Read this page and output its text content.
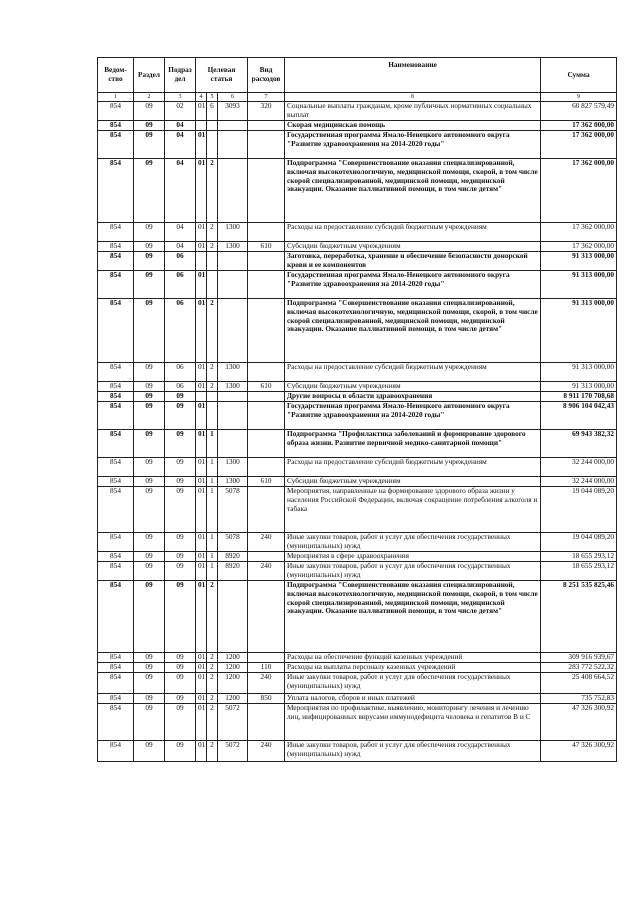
Ведом-ство	Раздел	Подраз дел	Целевая статья			Вид расходов	Наименование	Сумма
1	2	3	4	5	6	7	8	9
854	09	02	01	6	3093	320	Социальные выплаты гражданам, кроме публичных нормативных социальных выплат	60 827 579,49
854	09	04					Скорая медицинская помощь	17 362 000,00
854	09	04	01				Государственная программа Ямало-Ненецкого автономного округа "Развитие здравоохранения на 2014-2020 годы"	17 362 000,00
854	09	04	01	2			Подпрограмма "Совершенствование оказания специализированной, включая высокотехнологичную, медицинской помощи, скорой, в том числе скорой специализированной, медицинской помощи, медицинской эвакуации. Оказание паллиативной помощи, в том числе детям"	17 362 000,00
854	09	04	01	2	1300		Расходы на предоставление субсидий бюджетным учреждениям	17 362 000,00
854	09	04	01	2	1300	610	Субсидии бюджетным учреждениям	17 362 000,00
854	09	06					Заготовка, переработка, хранение и обеспечение безопасности донорской крови и ее компонентов	91 313 000,00
854	09	06	01				Государственная программа Ямало-Ненецкого автономного округа "Развитие здравоохранения на 2014-2020 годы"	91 313 000,00
854	09	06	01	2			Подпрограмма "Совершенствование оказания специализированной, включая высокотехнологичную, медицинской помощи, скорой, в том числе скорой специализированной, медицинской помощи, медицинской эвакуации. Оказание паллиативной помощи, в том числе детям"	91 313 000,00
854	09	06	01	2	1300		Расходы на предоставление субсидий бюджетным учреждениям	91 313 000,00
854	09	06	01	2	1300	610	Субсидии бюджетным учреждениям	91 313 000,00
854	09	09					Другие вопросы в области здравоохранения	8 911 170 708,68
854	09	09	01				Государственная программа Ямало-Ненецкого автономного округа "Развитие здравоохранения на 2014-2020 годы"	8 906 104 042,43
854	09	09	01	1			Подпрограмма "Профилактика заболеваний и формирование здорового образа жизни. Развитие первичной медико-санитарной помощи"	69 943 382,32
854	09	09	01	1	1300		Расходы на предоставление субсидий бюджетным учреждениям	32 244 000,00
854	09	09	01	1	1300	610	Субсидии бюджетным учреждениям	32 244 000,00
854	09	09	01	1	5078		Мероприятия, направленные на формирование здорового образа жизни у населения Российской Федерации, включая сокращение потребления алкоголя и табака	19 044 089,20
854	09	09	01	1	5078	240	Иные закупки товаров, работ и услуг для обеспечения государственных (муниципальных) нужд	19 044 089,20
854	09	09	01	1	8920		Мероприятия в сфере здравоохранения	18 655 293,12
854	09	09	01	1	8920	240	Иные закупки товаров, работ и услуг для обеспечения государственных (муниципальных) нужд	18 655 293,12
854	09	09	01	2			Подпрограмма "Совершенствование оказания специализированной, включая высокотехнологичную, медицинской помощи, скорой, в том числе скорой специализированной, медицинской помощи, медицинской эвакуации. Оказание паллиативной помощи, в том числе детям"	8 251 535 825,46
854	09	09	01	2	1200		Расходы на обеспечение функций казенных учреждений	309 916 939,67
854	09	09	01	2	1200	110	Расходы на выплаты персоналу казенных учреждений	283 772 522,32
854	09	09	01	2	1200	240	Иные закупки товаров, работ и услуг для обеспечения государственных (муниципальных) нужд	25 408 664,52
854	09	09	01	2	1200	850	Уплата налогов, сборов и иных платежей	735 752,83
854	09	09	01	2	5072		Мероприятия по профилактике, выявлению, мониторингу лечения и лечению лиц, инфицированных вирусами иммунодефицита человека и гепатитов B и C	47 326 300,92
854	09	09	01	2	5072	240	Иные закупки товаров, работ и услуг для обеспечения государственных (муниципальных) нужд	47 326 300,92
